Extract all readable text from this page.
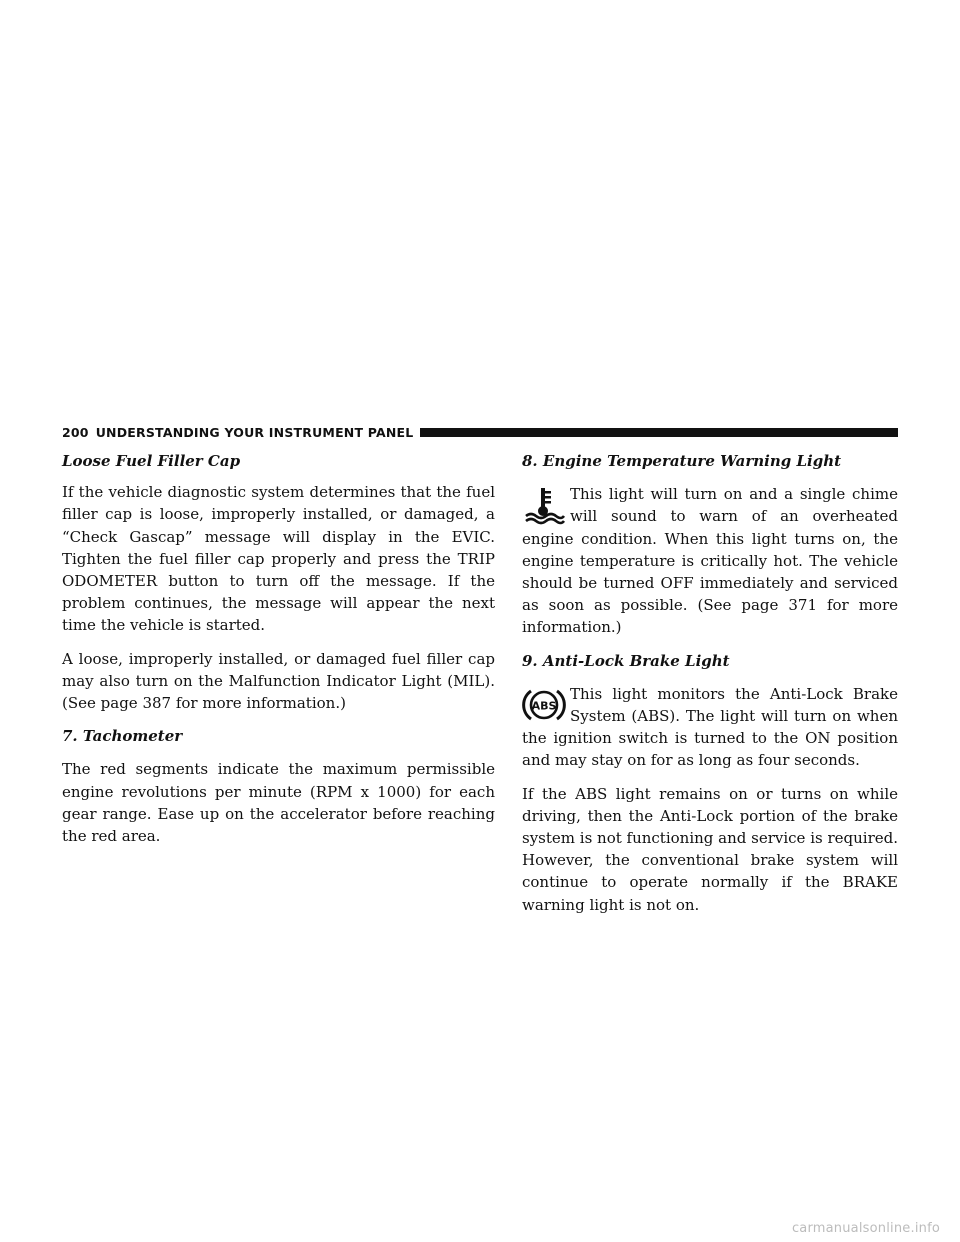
200 UNDERSTANDING YOUR INSTRUMENT PANEL

Loose Fuel Filler Cap

If the vehicle diagnostic system determines that the fuel filler cap is loose, improperly installed, or damaged, a “Check Gascap” message will display in the EVIC. Tighten the fuel filler cap properly and press the TRIP ODOMETER button to turn off the message. If the problem continues, the message will appear the next time the vehicle is started.

A loose, improperly installed, or damaged fuel filler cap may also turn on the Malfunction Indicator Light (MIL). (See page 387 for more information.)

7. Tachometer

The red segments indicate the maximum permissible engine revolutions per minute (RPM x 1000) for each gear range. Ease up on the accelerator before reaching the red area.

8. Engine Temperature Warning Light

This light will turn on and a single chime will sound to warn of an overheated engine condition. When this light turns on, the engine temperature is critically hot. The vehicle should be turned OFF immediately and serviced as soon as possible. (See page 371 for more information.)

9. Anti-Lock Brake Light

ABS

This light monitors the Anti-Lock Brake System (ABS). The light will turn on when the ignition switch is turned to the ON position and may stay on for as long as four seconds.

If the ABS light remains on or turns on while driving, then the Anti-Lock portion of the brake system is not functioning and service is required. However, the conventional brake system will continue to operate normally if the BRAKE warning light is not on.

carmanualsonline.info
